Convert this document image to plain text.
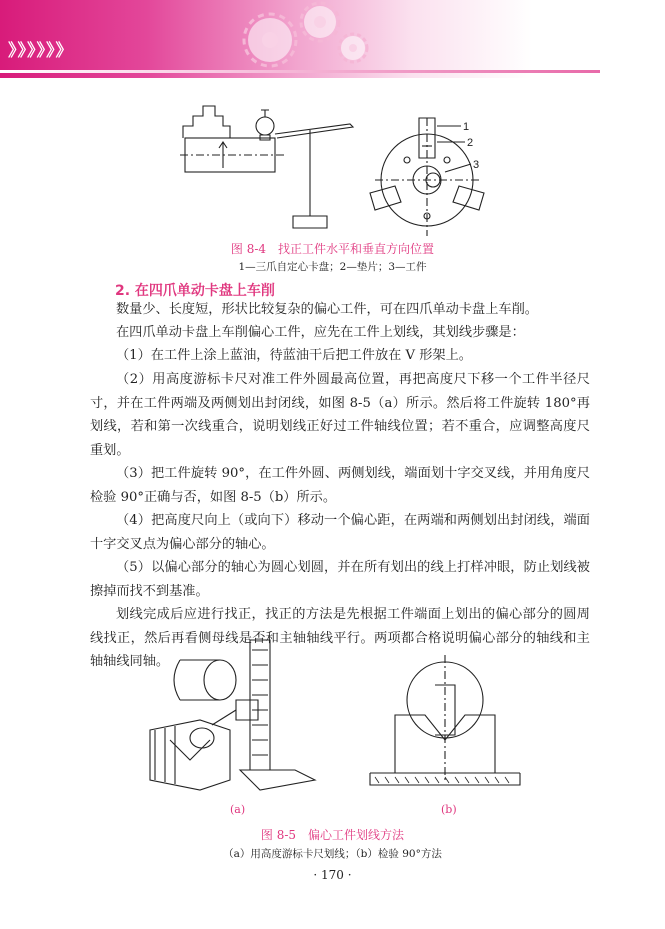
》》》》》》
1
2
3
图 8-4　找正工件水平和垂直方向位置
1—三爪自定心卡盘；2—垫片；3—工件
2. 在四爪单动卡盘上车削
数量少、长度短，形状比较复杂的偏心工件，可在四爪单动卡盘上车削。
在四爪单动卡盘上车削偏心工件，应先在工件上划线，其划线步骤是：
（1）在工件上涂上蓝油，待蓝油干后把工件放在 V 形架上。
（2）用高度游标卡尺对准工件外圆最高位置，再把高度尺下移一个工件半径尺寸，并在工件两端及两侧划出封闭线，如图 8-5（a）所示。然后将工件旋转 180°再划线，若和第一次线重合，说明划线正好过工件轴线位置；若不重合，应调整高度尺重划。
（3）把工件旋转 90°，在工件外圆、两侧划线，端面划十字交叉线，并用角度尺检验 90°正确与否，如图 8-5（b）所示。
（4）把高度尺向上（或向下）移动一个偏心距，在两端和两侧划出封闭线，端面十字交叉点为偏心部分的轴心。
（5）以偏心部分的轴心为圆心划圆，并在所有划出的线上打样冲眼，防止划线被擦掉而找不到基准。
划线完成后应进行找正，找正的方法是先根据工件端面上划出的偏心部分的圆周线找正，然后再看侧母线是否和主轴轴线平行。两项都合格说明偏心部分的轴线和主轴轴线同轴。
(a)	(b)
图 8-5　偏心工件划线方法
（a）用高度游标卡尺划线；（b）检验 90°方法
· 170 ·
